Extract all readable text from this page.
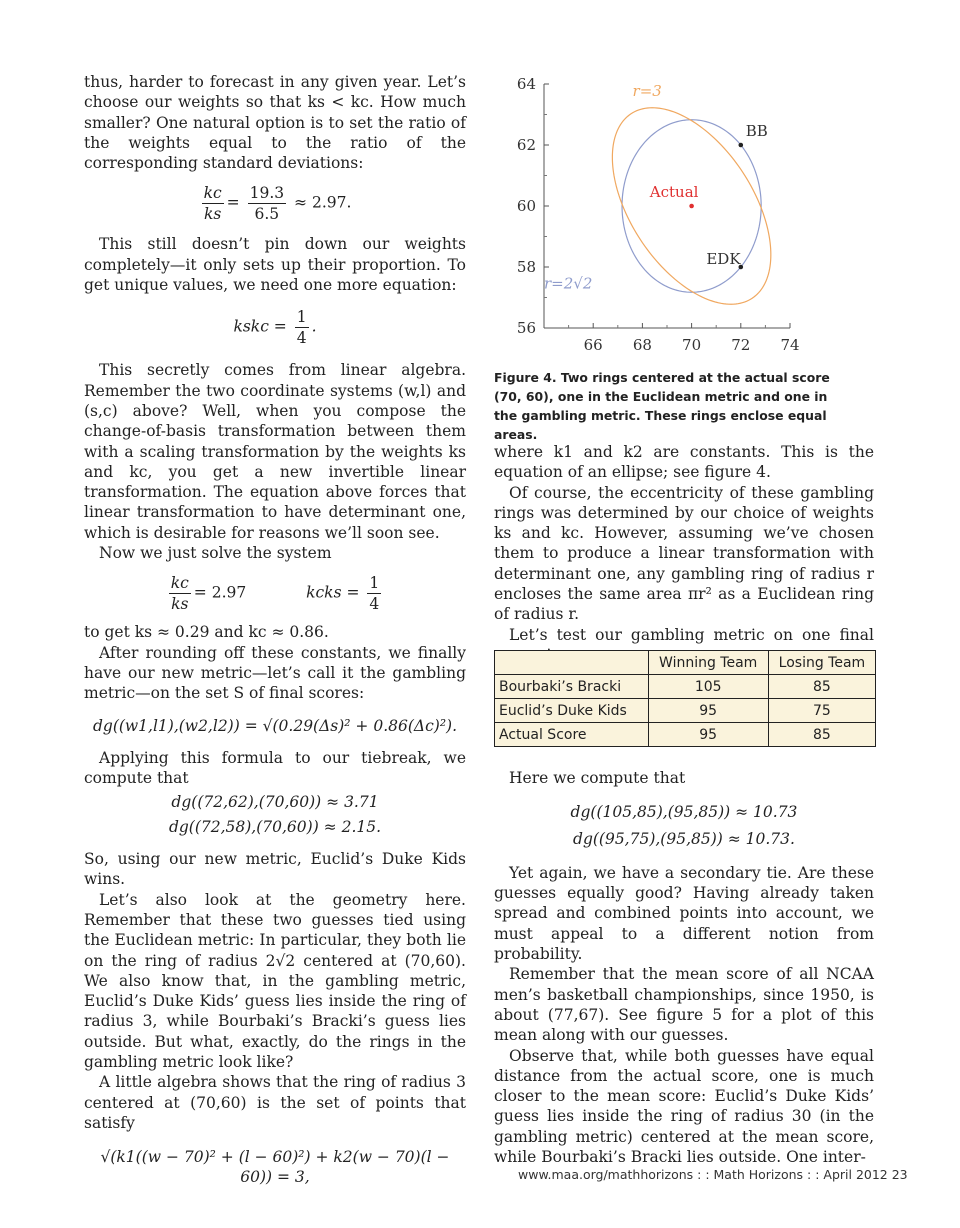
thus, harder to forecast in any given year. Let’s choose our weights so that ks < kc. How much smaller? One natural option is to set the ratio of the weights equal to the ratio of the corresponding standard deviations:

$\frac{kc}{ks} = \frac{19.3}{6.5} \approx 2.97$.

This still doesn’t pin down our weights completely—it only sets up their proportion. To get unique values, we need one more equation:

kskc = $\frac{1}{4}$ .

This secretly comes from linear algebra. Remember the two coordinate systems (w,l) and (s,c) above? Well, when you compose the change-of-basis transformation between them with a scaling transformation by the weights ks and kc, you get a new invertible linear transformation. The equation above forces that linear transformation to have determinant one, which is desirable for reasons we’ll soon see.

Now we just solve the system

$\frac{kc}{ks} = 2.97$	kcks = $\frac{1}{4}$

to get ks ≈ 0.29 and kc ≈ 0.86.

After rounding off these constants, we finally have our new metric—let’s call it the gambling metric—on the set S of final scores:

dg((w1,l1),(w2,l2)) = √(0.29(Δs)² + 0.86(Δc)²).

Applying this formula to our tiebreak, we compute that

dg((72,62),(70,60)) ≈ 3.71

dg((72,58),(70,60)) ≈ 2.15.

So, using our new metric, Euclid’s Duke Kids wins.

Let’s also look at the geometry here. Remember that these two guesses tied using the Euclidean metric: In particular, they both lie on the ring of radius 2√2 centered at (70,60). We also know that, in the gambling metric, Euclid’s Duke Kids’ guess lies inside the ring of radius 3, while Bourbaki’s Bracki’s guess lies outside. But what, exactly, do the rings in the gambling metric look like?

A little algebra shows that the ring of radius 3 centered at (70,60) is the set of points that satisfy

√(k1((w − 70)² + (l − 60)²) + k2(w − 70)(l − 60)) = 3,

66 68 70 72 74
56
58
60
62
64	r=3
r=2√2
Actual
BB
EDK
Figure 4. Two rings centered at the actual score (70, 60), one in the Euclidean metric and one in the gambling metric. These rings enclose equal areas.

where k1 and k2 are constants. This is the equation of an ellipse; see figure 4.

Of course, the eccentricity of these gambling rings was determined by our choice of weights ks and kc. However, assuming we’ve chosen them to produce a linear transformation with determinant one, any gambling ring of radius r encloses the same area πr² as a Euclidean ring of radius r.

Let’s test our gambling metric on one final

	Winning Team	Losing Team
Bourbaki’s Bracki	105	85
Euclid’s Duke Kids	95	75
Actual Score	95	85

Here we compute that

dg((105,85),(95,85)) ≈ 10.73

dg((95,75),(95,85)) ≈ 10.73.

Yet again, we have a secondary tie. Are these guesses equally good? Having already taken spread and combined points into account, we must appeal to a different notion from probability.

Remember that the mean score of all NCAA men’s basketball championships, since 1950, is about (77,67). See figure 5 for a plot of this mean along with our guesses.

Observe that, while both guesses have equal distance from the actual score, one is much closer to the mean score: Euclid’s Duke Kids’ guess lies inside the ring of radius 30 (in the gambling metric) centered at the mean score, while Bourbaki’s Bracki lies outside. One inter-

www.maa.org/mathhorizons : : Math Horizons : : April 2012 23
